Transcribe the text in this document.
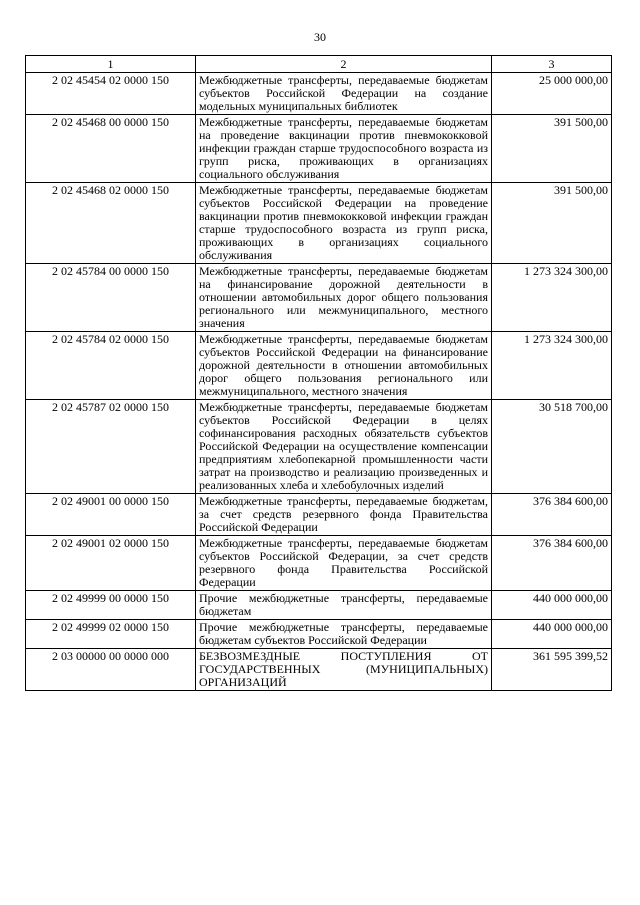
30
1	2	3
2 02 45454 02 0000 150	Межбюджетные трансферты, передаваемые бюджетам субъектов Российской Федерации на создание модельных муниципальных библиотек	25 000 000,00
2 02 45468 00 0000 150	Межбюджетные трансферты, передаваемые бюджетам на проведение вакцинации против пневмококковой инфекции граждан старше трудоспособного возраста из групп риска, проживающих в организациях социального обслуживания	391 500,00
2 02 45468 02 0000 150	Межбюджетные трансферты, передаваемые бюджетам субъектов Российской Федерации на проведение вакцинации против пневмококковой инфекции граждан старше трудоспособного возраста из групп риска, проживающих в организациях социального обслуживания	391 500,00
2 02 45784 00 0000 150	Межбюджетные трансферты, передаваемые бюджетам на финансирование дорожной деятельности в отношении автомобильных дорог общего пользования регионального или межмуниципального, местного значения	1 273 324 300,00
2 02 45784 02 0000 150	Межбюджетные трансферты, передаваемые бюджетам субъектов Российской Федерации на финансирование дорожной деятельности в отношении автомобильных дорог общего пользования регионального или межмуниципального, местного значения	1 273 324 300,00
2 02 45787 02 0000 150	Межбюджетные трансферты, передаваемые бюджетам субъектов Российской Федерации в целях софинансирования расходных обязательств субъектов Российской Федерации на осуществление компенсации предприятиям хлебопекарной промышленности части затрат на производство и реализацию произведенных и реализованных хлеба и хлебобулочных изделий	30 518 700,00
2 02 49001 00 0000 150	Межбюджетные трансферты, передаваемые бюджетам, за счет средств резервного фонда Правительства Российской Федерации	376 384 600,00
2 02 49001 02 0000 150	Межбюджетные трансферты, передаваемые бюджетам субъектов Российской Федерации, за счет средств резервного фонда Правительства Российской Федерации	376 384 600,00
2 02 49999 00 0000 150	Прочие межбюджетные трансферты, передаваемые бюджетам	440 000 000,00
2 02 49999 02 0000 150	Прочие межбюджетные трансферты, передаваемые бюджетам субъектов Российской Федерации	440 000 000,00
2 03 00000 00 0000 000	БЕЗВОЗМЕЗДНЫЕ ПОСТУПЛЕНИЯ ОТ ГОСУДАРСТВЕННЫХ (МУНИЦИПАЛЬНЫХ) ОРГАНИЗАЦИЙ	361 595 399,52
